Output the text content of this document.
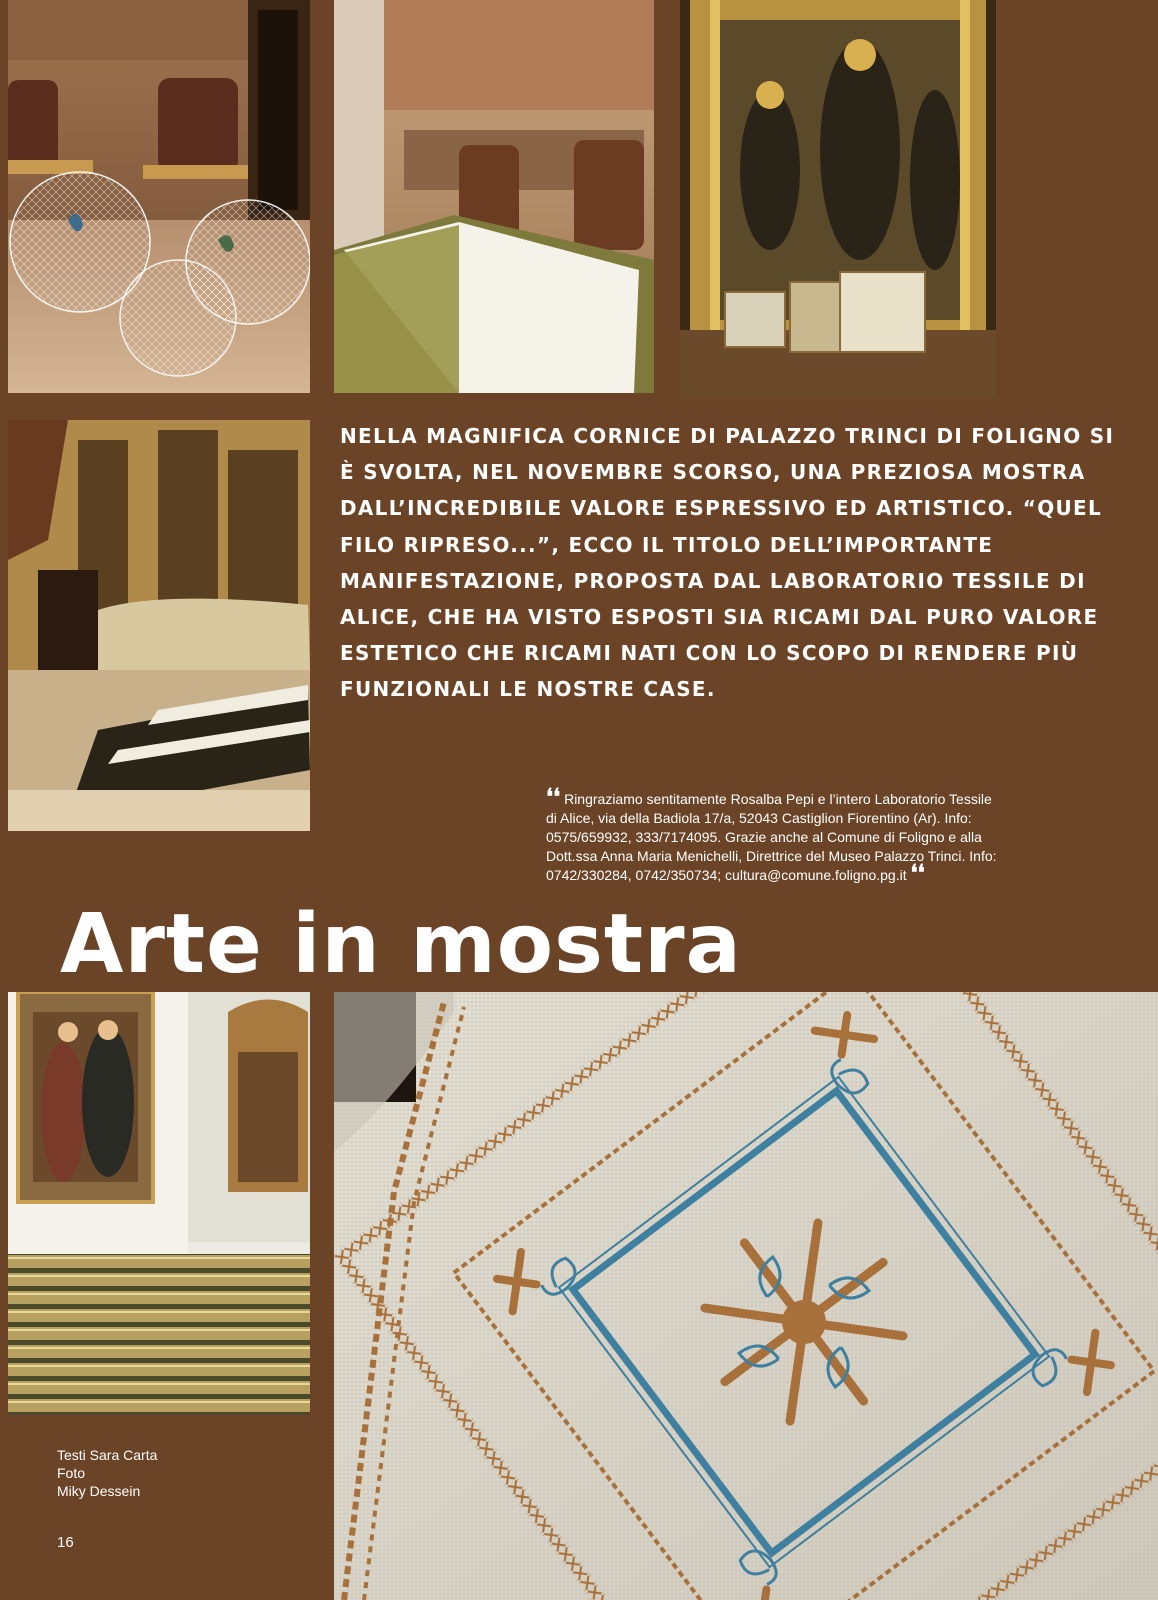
NELLA MAGNIFICA CORNICE DI PALAZZO TRINCI DI FOLIGNO SI È SVOLTA, NEL NOVEMBRE SCORSO, UNA PREZIOSA MOSTRA DALL’INCREDIBILE VALORE ESPRESSIVO ED ARTISTICO. “QUEL FILO RIPRESO...”, ECCO IL TITOLO DELL’IMPORTANTE MANIFESTAZIONE, PROPOSTA DAL LABORATORIO TESSILE DI ALICE, CHE HA VISTO ESPOSTI SIA RICAMI DAL PURO VALORE ESTETICO CHE RICAMI NATI CON LO SCOPO DI RENDERE PIÙ FUNZIONALI LE NOSTRE CASE.

❛❛ Ringraziamo sentitamente Rosalba Pepi e l’intero Laboratorio Tessile di Alice, via della Badiola 17/a, 52043 Castiglion Fiorentino (Ar). Info: 0575/659932, 333/7174095. Grazie anche al Comune di Foligno e alla Dott.ssa Anna Maria Menichelli, Direttrice del Museo Palazzo Trinci. Info: 0742/330284, 0742/350734; cultura@comune.foligno.pg.it ❛❛

Arte in mostra
Testi Sara Carta
Foto
Miky Dessein
16
